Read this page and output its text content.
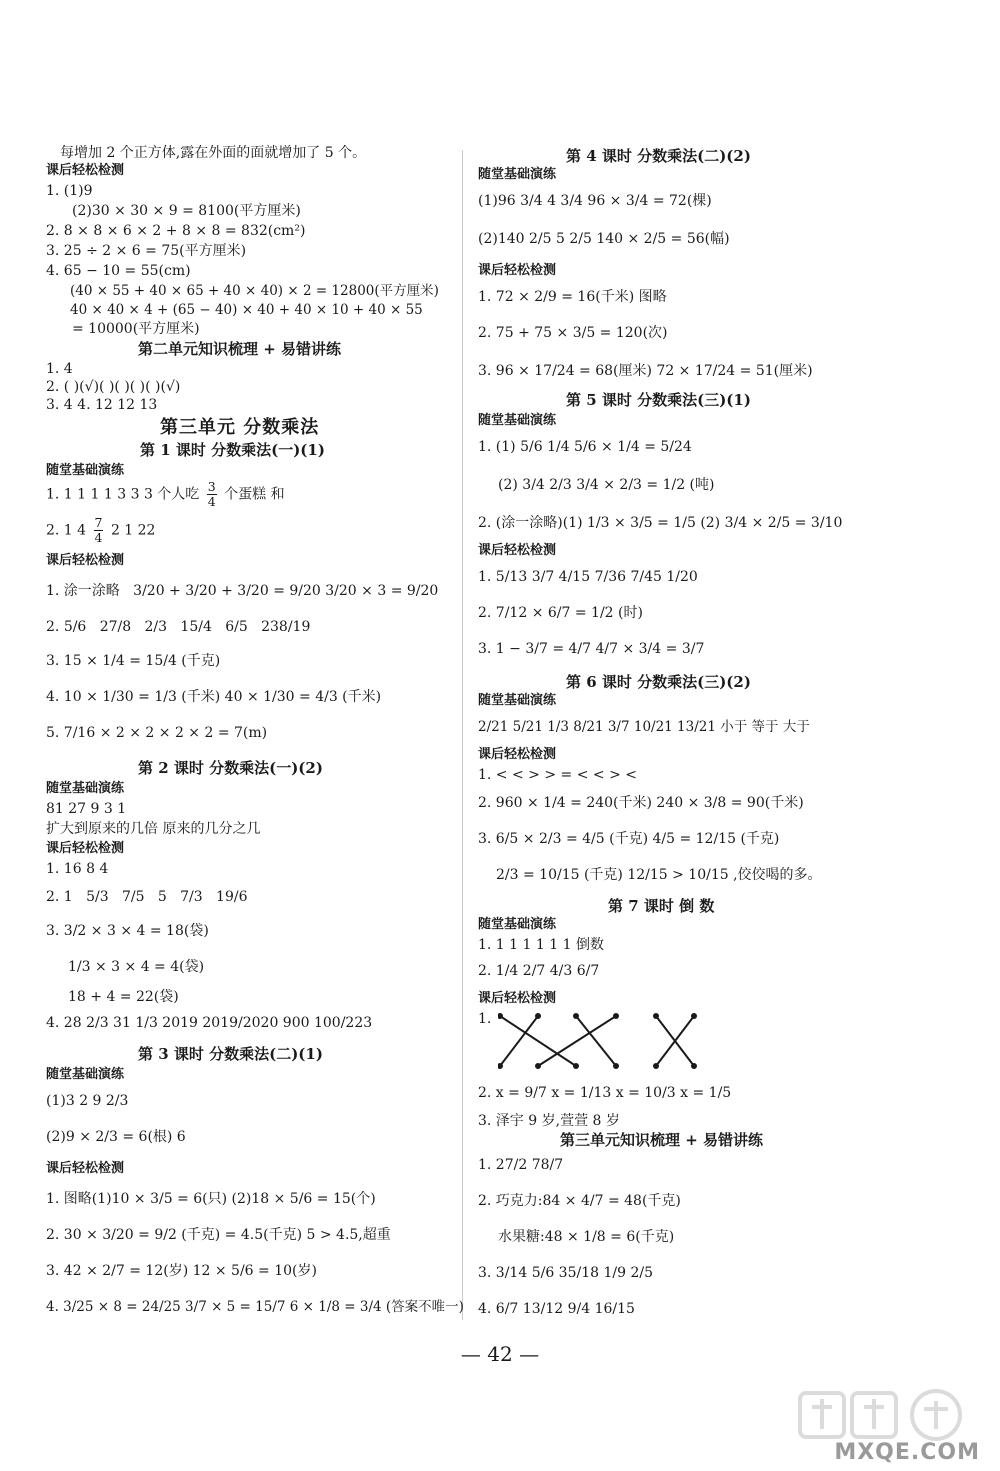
每增加 2 个正方体,露在外面的面就增加了 5 个。
课后轻松检测
1. (1)9
(2)30 × 30 × 9 = 8100(平方厘米)
2. 8 × 8 × 6 × 2 + 8 × 8 = 832(cm²)
3. 25 ÷ 2 × 6 = 75(平方厘米)
4. 65 − 10 = 55(cm)
(40 × 55 + 40 × 65 + 40 × 40) × 2 = 12800(平方厘米)
40 × 40 × 4 + (65 − 40) × 40 + 40 × 10 + 40 × 55
= 10000(平方厘米)
第二单元知识梳理 + 易错讲练
1. 4
2. ( )(√)( )( )( )( )(√)
3. 4 4. 12 12 13
第三单元 分数乘法
第 1 课时 分数乘法(一)(1)
随堂基础演练
1. 1 1 1 1 3 3 3 个人吃 $\frac{3}{4}$ 个蛋糕 和
2. 1 $4 \frac{7}{4} 2$ 1 22
课后轻松检测
1. 涂一涂略 3/20 + 3/20 + 3/20 = 9/20 3/20 × 3 = 9/20
2. 5/6 27/8 2/3 15/4 6/5 238/19
3. 15 × 1/4 = 15/4 (千克)
4. 10 × 1/30 = 1/3 (千米) 40 × 1/30 = 4/3 (千米)
5. 7/16 × 2 × 2 × 2 × 2 = 7(m)
第 2 课时 分数乘法(一)(2)
随堂基础演练
81 27 9 3 1
扩大到原来的几倍 原来的几分之几
课后轻松检测
1. 16 8 4
2. 1 5/3 7/5 5 7/3 19/6
3. 3/2 × 3 × 4 = 18(袋)
1/3 × 3 × 4 = 4(袋)
18 + 4 = 22(袋)
4. 28 2/3 31 1/3 2019 2019/2020 900 100/223
第 3 课时 分数乘法(二)(1)
随堂基础演练
(1)3 2 9 2/3
(2)9 × 2/3 = 6(根) 6
课后轻松检测
1. 图略(1)10 × 3/5 = 6(只) (2)18 × 5/6 = 15(个)
2. 30 × 3/20 = 9/2 (千克) = 4.5(千克) 5 > 4.5,超重
3. 42 × 2/7 = 12(岁) 12 × 5/6 = 10(岁)
4. 3/25 × 8 = 24/25 3/7 × 5 = 15/7 6 × 1/8 = 3/4 (答案不唯一)
第 4 课时 分数乘法(二)(2)
随堂基础演练
(1)96 3/4 4 3/4 96 × 3/4 = 72(棵)
(2)140 2/5 5 2/5 140 × 2/5 = 56(幅)
课后轻松检测
1. 72 × 2/9 = 16(千米) 图略
2. 75 + 75 × 3/5 = 120(次)
3. 96 × 17/24 = 68(厘米) 72 × 17/24 = 51(厘米)
第 5 课时 分数乘法(三)(1)
随堂基础演练
1. (1) 5/6 1/4 5/6 × 1/4 = 5/24
(2) 3/4 2/3 3/4 × 2/3 = 1/2 (吨)
2. (涂一涂略)(1) 1/3 × 3/5 = 1/5 (2) 3/4 × 2/5 = 3/10
课后轻松检测
1. 5/13 3/7 4/15 7/36 7/45 1/20
2. 7/12 × 6/7 = 1/2 (时)
3. 1 − 3/7 = 4/7 4/7 × 3/4 = 3/7
第 6 课时 分数乘法(三)(2)
随堂基础演练
2/21 5/21 1/3 8/21 3/7 10/21 13/21 小于 等于 大于
课后轻松检测
1. < < > > = < < > <
2. 960 × 1/4 = 240(千米) 240 × 3/8 = 90(千米)
3. 6/5 × 2/3 = 4/5 (千克) 4/5 = 12/15 (千克)
2/3 = 10/15 (千克) 12/15 > 10/15 ,佼佼喝的多。
第 7 课时 倒 数
随堂基础演练
1. 1 1 1 1 1 1 倒数
2. 1/4 2/7 4/3 6/7
课后轻松检测
1.
2. x = 9/7 x = 1/13 x = 10/3 x = 1/5
3. 泽宇 9 岁,萱萱 8 岁
第三单元知识梳理 + 易错讲练
1. 27/2 78/7
2. 巧克力:84 × 4/7 = 48(千克)
水果糖:48 × 1/8 = 6(千克)
3. 3/14 5/6 35/18 1/9 2/5
4. 6/7 13/12 9/4 16/15
— 42 —
MXQE.COM
